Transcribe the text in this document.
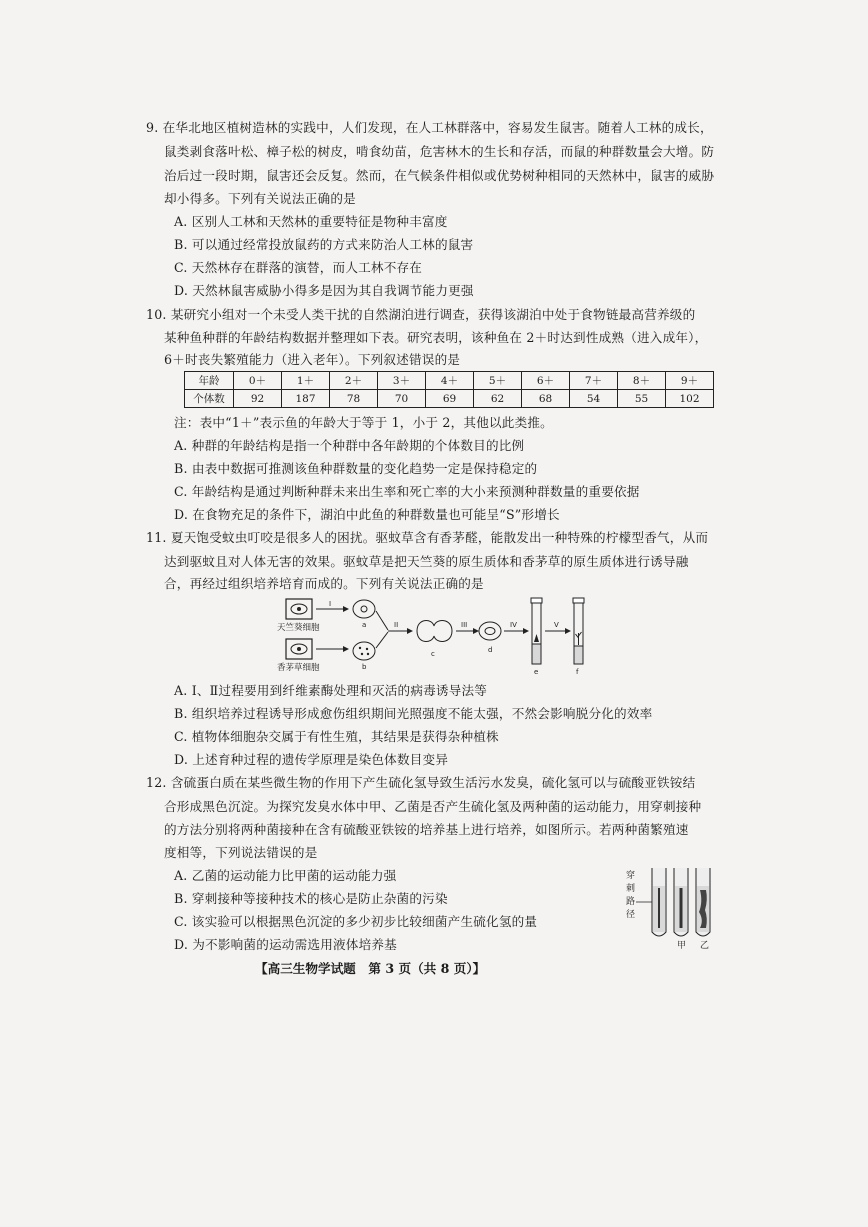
9. 在华北地区植树造林的实践中，人们发现，在人工林群落中，容易发生鼠害。随着人工林的成长，
鼠类剥食落叶松、樟子松的树皮，啃食幼苗，危害林木的生长和存活，而鼠的种群数量会大增。防
治后过一段时期，鼠害还会反复。然而，在气候条件相似或优势树种相同的天然林中，鼠害的威胁
却小得多。下列有关说法正确的是
A. 区别人工林和天然林的重要特征是物种丰富度
B. 可以通过经常投放鼠药的方式来防治人工林的鼠害
C. 天然林存在群落的演替，而人工林不存在
D. 天然林鼠害威胁小得多是因为其自我调节能力更强
10. 某研究小组对一个未受人类干扰的自然湖泊进行调查，获得该湖泊中处于食物链最高营养级的
某种鱼种群的年龄结构数据并整理如下表。研究表明，该种鱼在 2＋时达到性成熟（进入成年），
6＋时丧失繁殖能力（进入老年）。下列叙述错误的是
年龄	0＋	1＋	2＋	3＋	4＋	5＋	6＋	7＋	8＋	9＋
个体数	92	187	78	70	69	62	68	54	55	102
注：表中“1＋”表示鱼的年龄大于等于 1，小于 2，其他以此类推。
A. 种群的年龄结构是指一个种群中各年龄期的个体数目的比例
B. 由表中数据可推测该鱼种群数量的变化趋势一定是保持稳定的
C. 年龄结构是通过判断种群未来出生率和死亡率的大小来预测种群数量的重要依据
D. 在食物充足的条件下，湖泊中此鱼的种群数量也可能呈“S”形增长
11. 夏天饱受蚊虫叮咬是很多人的困扰。驱蚊草含有香茅醛，能散发出一种特殊的柠檬型香气，从而
达到驱蚊且对人体无害的效果。驱蚊草是把天竺葵的原生质体和香茅草的原生质体进行诱导融
合，再经过组织培养培育而成的。下列有关说法正确的是
天竺葵细胞
香茅草细胞
I
a
b
II
c
III
d
IV
e
V
f
A. Ⅰ、Ⅱ过程要用到纤维素酶处理和灭活的病毒诱导法等
B. 组织培养过程诱导形成愈伤组织期间光照强度不能太强，不然会影响脱分化的效率
C. 植物体细胞杂交属于有性生殖，其结果是获得杂种植株
D. 上述育种过程的遗传学原理是染色体数目变异
12. 含硫蛋白质在某些微生物的作用下产生硫化氢导致生活污水发臭，硫化氢可以与硫酸亚铁铵结
合形成黑色沉淀。为探究发臭水体中甲、乙菌是否产生硫化氢及两种菌的运动能力，用穿刺接种
的方法分别将两种菌接种在含有硫酸亚铁铵的培养基上进行培养，如图所示。若两种菌繁殖速
度相等，下列说法错误的是
A. 乙菌的运动能力比甲菌的运动能力强
B. 穿刺接种等接种技术的核心是防止杂菌的污染
C. 该实验可以根据黑色沉淀的多少初步比较细菌产生硫化氢的量
D. 为不影响菌的运动需选用液体培养基
穿 刺 路 径
甲 乙
【高三生物学试题　第 3 页（共 8 页）】
